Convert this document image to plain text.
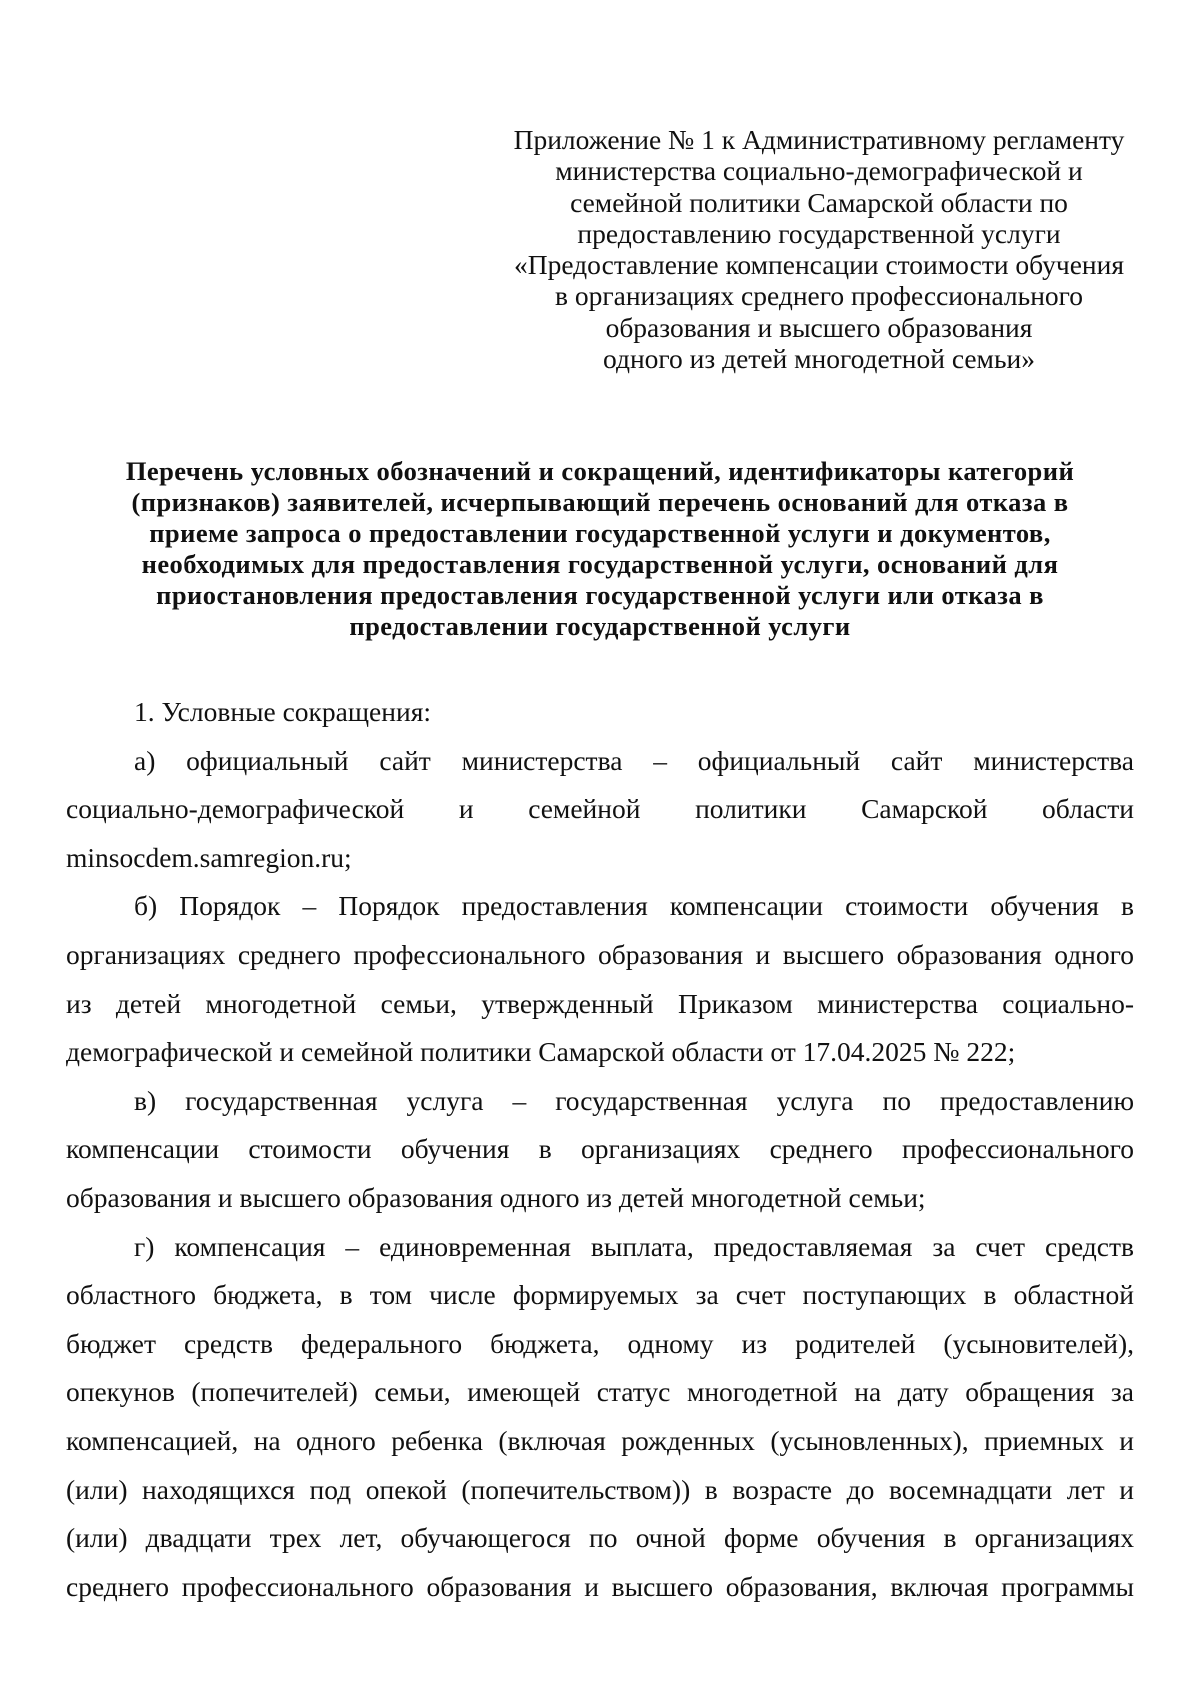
Приложение № 1 к Административному регламенту
министерства социально-демографической и
семейной политики Самарской области по
предоставлению государственной услуги
«Предоставление компенсации стоимости обучения
в организациях среднего профессионального
образования и высшего образования
одного из детей многодетной семьи»
Перечень условных обозначений и сокращений, идентификаторы категорий
(признаков) заявителей, исчерпывающий перечень оснований для отказа в
приеме запроса о предоставлении государственной услуги и документов,
необходимых для предоставления государственной услуги, оснований для
приостановления предоставления государственной услуги или отказа в
предоставлении государственной услуги
1. Условные сокращения:
а) официальный сайт министерства – официальный сайт министерства
социально-демографической и семейной политики Самарской области
minsocdem.samregion.ru;
б) Порядок – Порядок предоставления компенсации стоимости обучения в
организациях среднего профессионального образования и высшего образования одного
из детей многодетной семьи, утвержденный Приказом министерства социально-
демографической и семейной политики Самарской области от 17.04.2025 № 222;
в) государственная услуга – государственная услуга по предоставлению
компенсации стоимости обучения в организациях среднего профессионального
образования и высшего образования одного из детей многодетной семьи;
г) компенсация – единовременная выплата, предоставляемая за счет средств
областного бюджета, в том числе формируемых за счет поступающих в областной
бюджет средств федерального бюджета, одному из родителей (усыновителей),
опекунов (попечителей) семьи, имеющей статус многодетной на дату обращения за
компенсацией, на одного ребенка (включая рожденных (усыновленных), приемных и
(или) находящихся под опекой (попечительством)) в возрасте до восемнадцати лет и
(или) двадцати трех лет, обучающегося по очной форме обучения в организациях
среднего профессионального образования и высшего образования, включая программы
